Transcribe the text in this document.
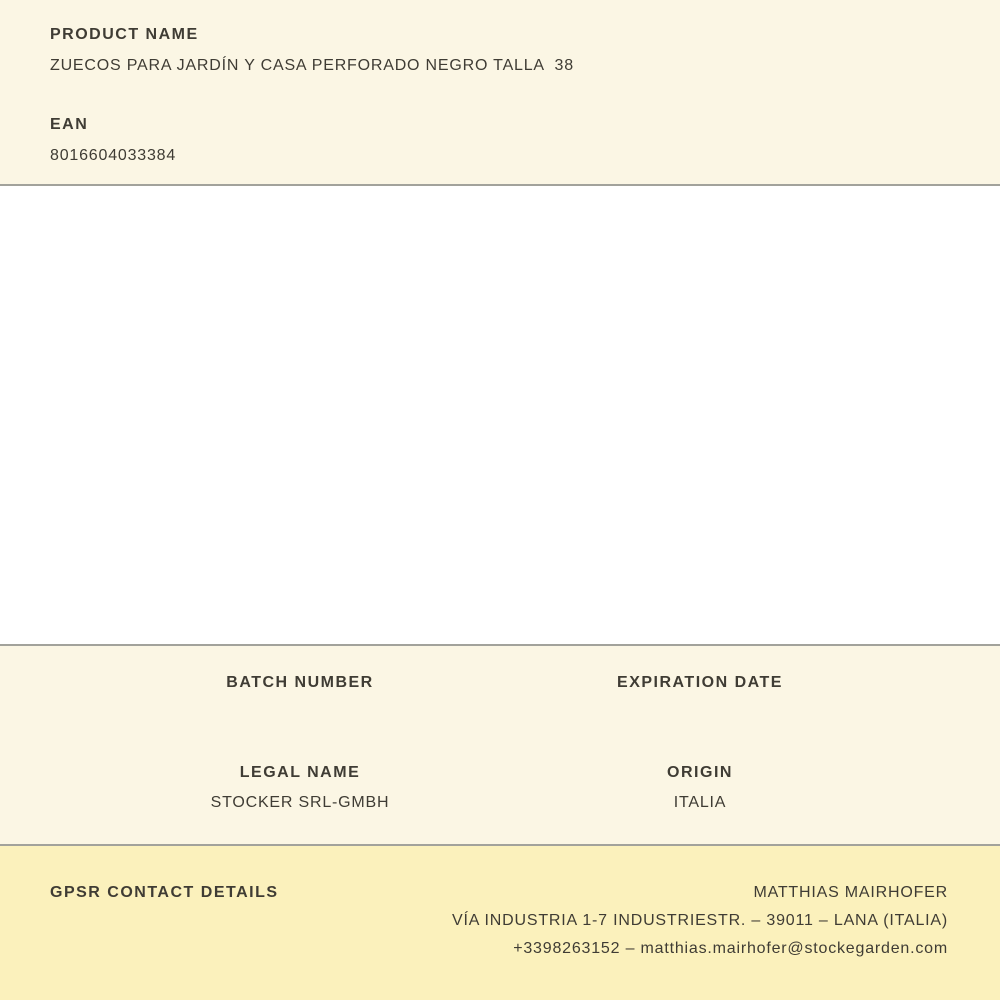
PRODUCT NAME
ZUECOS PARA JARDÍN Y CASA PERFORADO NEGRO TALLA  38
EAN
8016604033384
BATCH NUMBER	EXPIRATION DATE
LEGAL NAME
STOCKER SRL-GMBH
ORIGIN
ITALIA
GPSR CONTACT DETAILS	MATTHIAS MAIRHOFER
VÍA INDUSTRIA 1-7 INDUSTRIESTR. – 39011 – LANA (ITALIA)
+3398263152 – matthias.mairhofer@stockegarden.com
